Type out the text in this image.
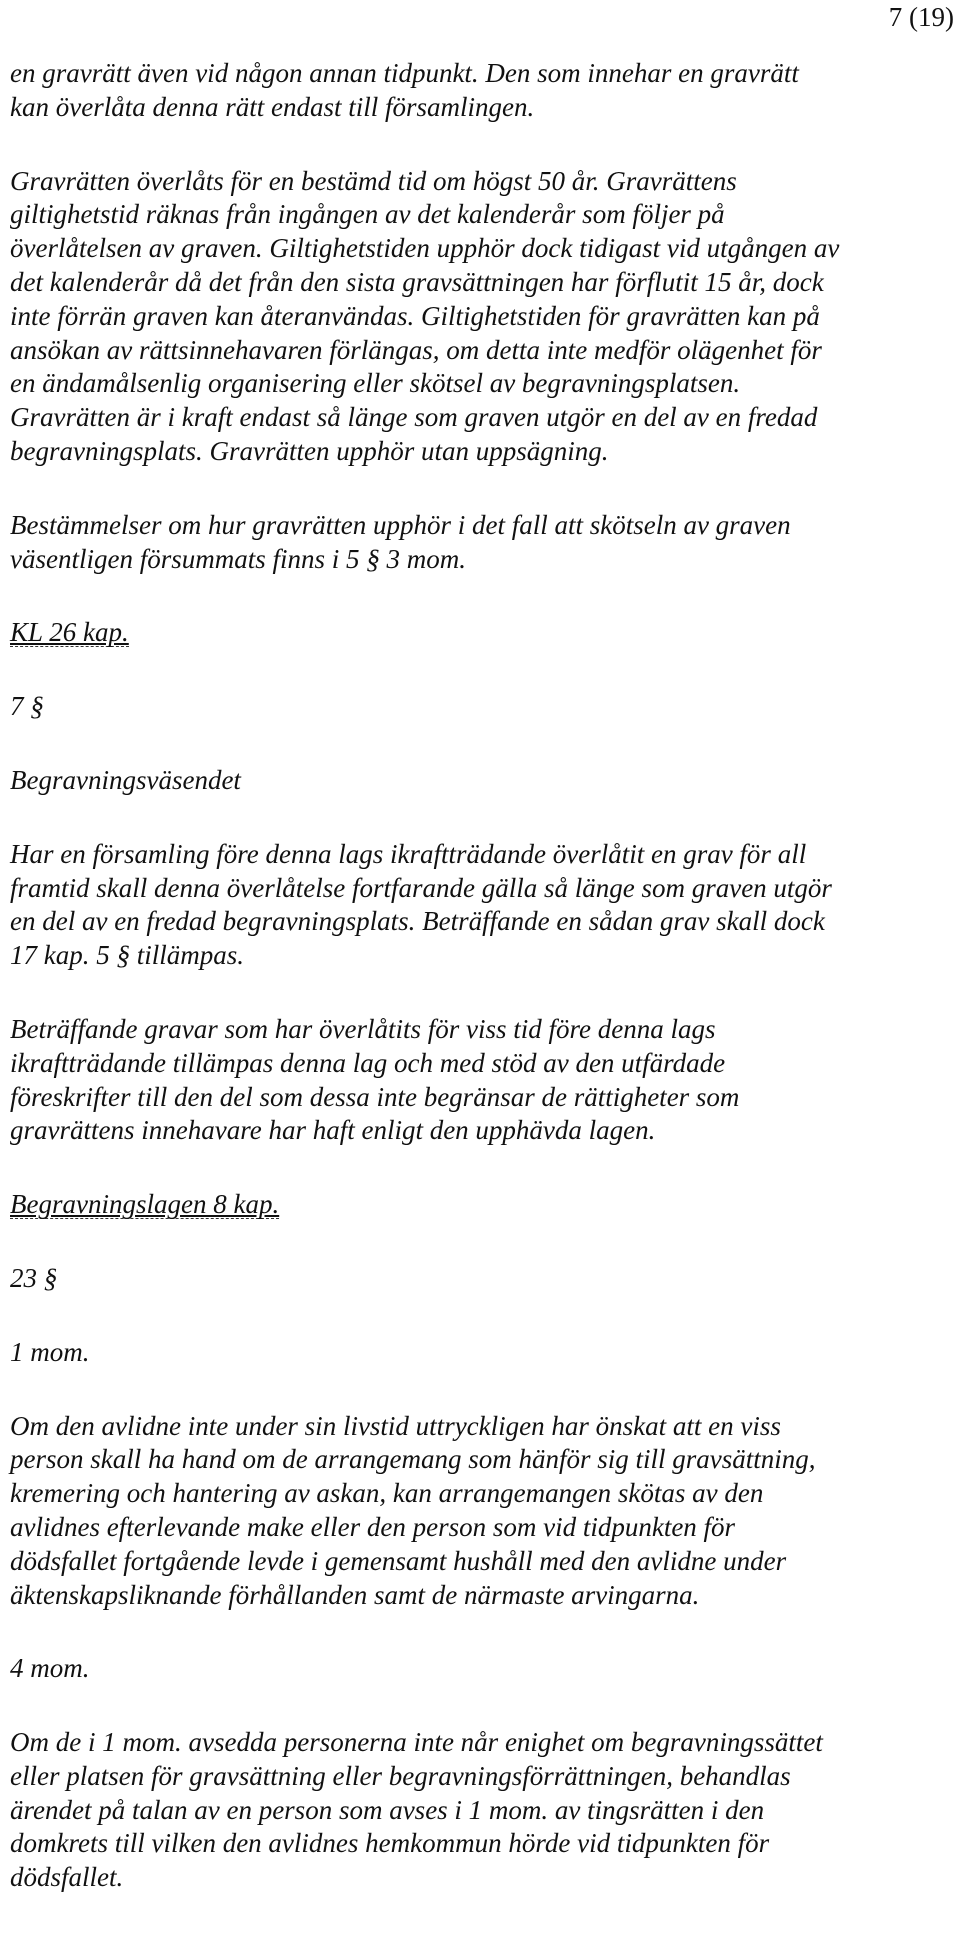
7 (19)
en gravrätt även vid någon annan tidpunkt. Den som innehar en gravrätt
kan överlåta denna rätt endast till församlingen.
Gravrätten överlåts för en bestämd tid om högst 50 år. Gravrättens
giltighetstid räknas från ingången av det kalenderår som följer på
överlåtelsen av graven. Giltighetstiden upphör dock tidigast vid utgången av
det kalenderår då det från den sista gravsättningen har förflutit 15 år, dock
inte förrän graven kan återanvändas. Giltighetstiden för gravrätten kan på
ansökan av rättsinnehavaren förlängas, om detta inte medför olägenhet för
en ändamålsenlig organisering eller skötsel av begravningsplatsen.
Gravrätten är i kraft endast så länge som graven utgör en del av en fredad
begravningsplats. Gravrätten upphör utan uppsägning.
Bestämmelser om hur gravrätten upphör i det fall att skötseln av graven
väsentligen försummats finns i 5 § 3 mom.
KL 26 kap.
7 §
Begravningsväsendet
Har en församling före denna lags ikraftträdande överlåtit en grav för all
framtid skall denna överlåtelse fortfarande gälla så länge som graven utgör
en del av en fredad begravningsplats. Beträffande en sådan grav skall dock
17 kap. 5 § tillämpas.
Beträffande gravar som har överlåtits för viss tid före denna lags
ikraftträdande tillämpas denna lag och med stöd av den utfärdade
föreskrifter till den del som dessa inte begränsar de rättigheter som
gravrättens innehavare har haft enligt den upphävda lagen.
Begravningslagen 8 kap.
23 §
1 mom.
Om den avlidne inte under sin livstid uttryckligen har önskat att en viss
person skall ha hand om de arrangemang som hänför sig till gravsättning,
kremering och hantering av askan, kan arrangemangen skötas av den
avlidnes efterlevande make eller den person som vid tidpunkten för
dödsfallet fortgående levde i gemensamt hushåll med den avlidne under
äktenskapsliknande förhållanden samt de närmaste arvingarna.
4 mom.
Om de i 1 mom. avsedda personerna inte når enighet om begravningssättet
eller platsen för gravsättning eller begravningsförrättningen, behandlas
ärendet på talan av en person som avses i 1 mom. av tingsrätten i den
domkrets till vilken den avlidnes hemkommun hörde vid tidpunkten för
dödsfallet.
